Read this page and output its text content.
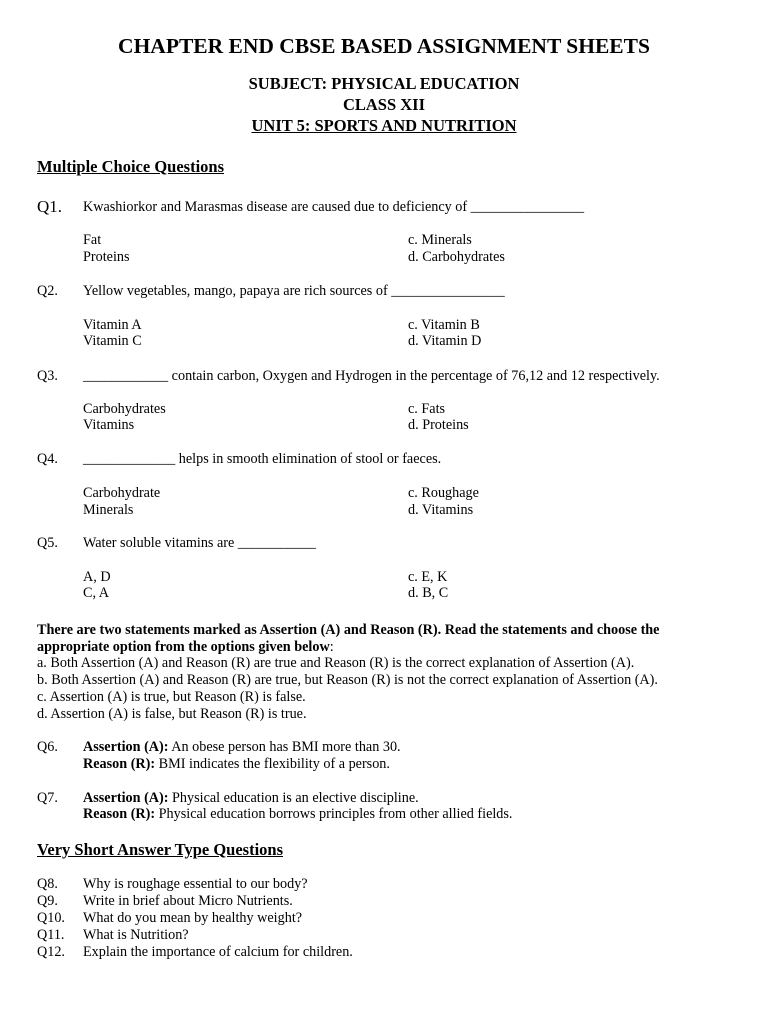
CHAPTER END CBSE BASED ASSIGNMENT SHEETS
SUBJECT: PHYSICAL EDUCATION
CLASS XII
UNIT 5: SPORTS AND NUTRITION
Multiple Choice Questions
Q1. Kwashiorkor and Marasmas disease are caused due to deficiency of ________________
Fat	c. Minerals
Proteins	d. Carbohydrates
Q2. Yellow vegetables, mango, papaya are rich sources of ________________
Vitamin A	c. Vitamin B
Vitamin C	d. Vitamin D
Q3. ____________ contain carbon, Oxygen and Hydrogen in the percentage of 76,12 and 12 respectively.
Carbohydrates	c. Fats
Vitamins	d. Proteins
Q4. _____________ helps in smooth elimination of stool or faeces.
Carbohydrate	c. Roughage
Minerals	d. Vitamins
Q5. Water soluble vitamins are ___________
A, D	c. E, K
C, A	d. B, C
There are two statements marked as Assertion (A) and Reason (R). Read the statements and choose the
appropriate option from the options given below:
a. Both Assertion (A) and Reason (R) are true and Reason (R) is the correct explanation of Assertion (A).
b. Both Assertion (A) and Reason (R) are true, but Reason (R) is not the correct explanation of Assertion (A).
c. Assertion (A) is true, but Reason (R) is false.
d. Assertion (A) is false, but Reason (R) is true.
Q6. Assertion (A): An obese person has BMI more than 30.
Reason (R): BMI indicates the flexibility of a person.
Q7. Assertion (A): Physical education is an elective discipline.
Reason (R): Physical education borrows principles from other allied fields.
Very Short Answer Type Questions
Q8. Why is roughage essential to our body?
Q9. Write in brief about Micro Nutrients.
Q10. What do you mean by healthy weight?
Q11. What is Nutrition?
Q12. Explain the importance of calcium for children.
